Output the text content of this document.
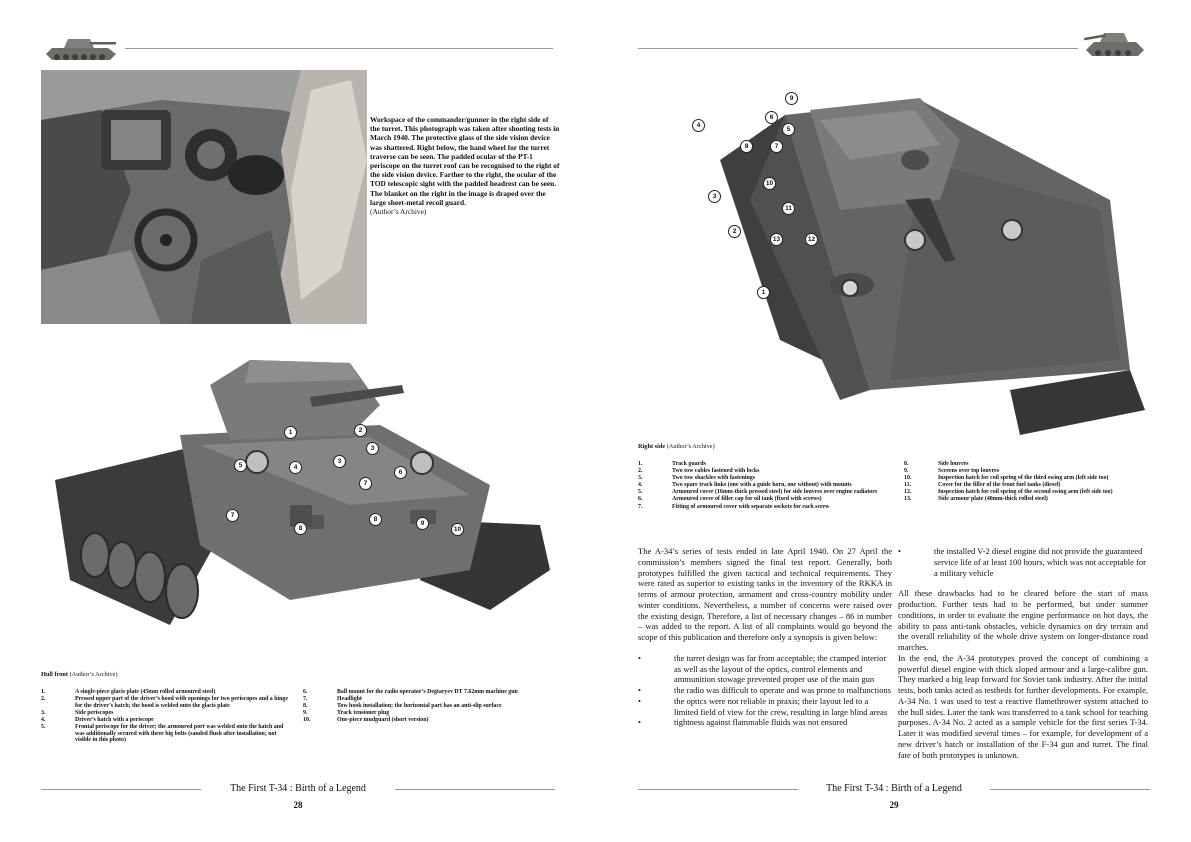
Workspace of the commander/gunner in the right side of the turret. This photograph was taken after shooting tests in March 1940. The protective glass of the side vision device was shattered. Right below, the hand wheel for the turret traverse can be seen. The padded ocular of the PT-1 periscope on the turret roof can be recognised to the right of the side vision device. Farther to the right, the ocular of the TOD telescopic sight with the padded headrest can be seen. The blanket on the right in the image is draped over the large sheet-metal recoil guard.
(Author’s Archive)
1	2
3
3
4
5
6
7
7
8
8
9
10
Hull front (Author’s Archive)
1.	A single-piece glacis plate (45mm rolled armoured steel)
2.	Pressed upper part of the driver’s hood with openings for two periscopes and a hinge for the driver’s hatch; the hood is welded onto the glacis plate
3.	Side periscopes
4.	Driver’s hatch with a periscope
5.	Frontal periscope for the driver; the armoured port was welded onto the hatch and was additionally secured with three big bolts (sanded flush after installation; not visible in this photo)
6.	Ball mount for the radio operator’s Degtaryev DT 7.62mm machine gun
7.	Headlight
8.	Tow hook installation; the horizontal part has an anti-slip surface
9.	Track tensioner plug
10.	One-piece mudguard (short version)
The First T-34 : Birth of a Legend
28
1
2
3
4
5
6
7
8
9
10
11
12
13
Right side (Author’s Archive)
1.	Track guards
2.	Two tow cables fastened with locks
3.	Two tow shackles with fastenings
4.	Two spare track links (one with a guide horn, one without) with mounts
5.	Armoured cover (16mm-thick pressed steel) for side louvres over engine radiators
6.	Armoured cover of filler cap for oil tank (fixed with screws)
7.	Fitting of armoured cover with separate sockets for each screw
8.	Side louvres
9.	Screens over top louvres
10.	Inspection hatch for coil spring of the third swing arm (left side too)
11.	Cover for the filler of the front fuel tanks (diesel)
12.	Inspection hatch for coil spring of the second swing arm (left side too)
13.	Side armour plate (40mm-thick rolled steel)
The A-34’s series of tests ended in late April 1940. On 27 April the commission’s members signed the final test report. Generally, both prototypes fulfilled the given tactical and technical requirements. They were rated as superior to existing tanks in the inventory of the RKKA in terms of armour protection, armament and cross-country mobility under winter conditions. Nevertheless, a number of concerns were raised over the existing design. Therefore, a list of necessary changes – 86 in number – was added to the report. A list of all complaints would go beyond the scope of this publication and therefore only a synopsis is given below:
•	the turret design was far from acceptable; the cramped interior as well as the layout of the optics, control elements and ammunition stowage prevented proper use of the main gun
•	the radio was difficult to operate and was prone to malfunctions
•	the optics were not reliable in praxis; their layout led to a limited field of view for the crew, resulting in large blind areas
•	tightness against flammable fluids was not ensured
•	the installed V-2 diesel engine did not provide the guaranteed service life of at least 100 hours, which was not acceptable for a military vehicle
All these drawbacks had to be cleared before the start of mass production. Further tests had to be performed, but under summer conditions, in order to evaluate the engine performance on hot days, the ability to pass anti-tank obstacles, vehicle dynamics on dry terrain and the overall reliability of the whole drive system on longer-distance road marches.
In the end, the A-34 prototypes proved the concept of combining a powerful diesel engine with thick sloped armour and a large-calibre gun. They marked a big leap forward for Soviet tank industry. After the initial tests, both tanks acted as testbeds for further developments. For example, A-34 No. 1 was used to test a reactive flamethrower system attached to the hull sides. Later the tank was transferred to a tank school for teaching purposes. A-34 No. 2 acted as a sample vehicle for the first series T-34. Later it was modified several times – for example, for development of a new driver’s hatch or installation of the F-34 gun and turret. The final fate of both prototypes is unknown.
The First T-34 : Birth of a Legend
29
